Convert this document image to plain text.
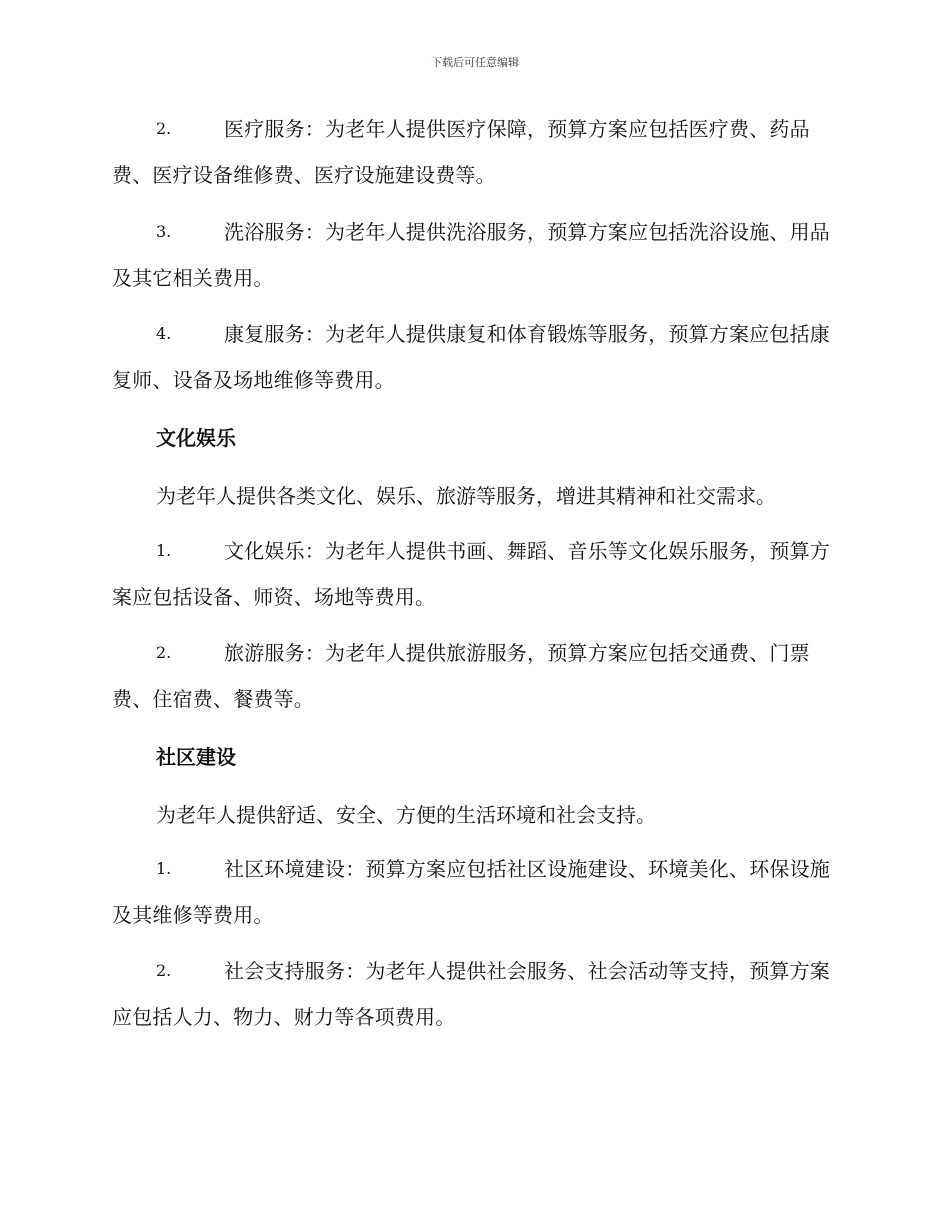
下载后可任意编辑
2.	医疗服务：为老年人提供医疗保障，预算方案应包括医疗费、药品费、医疗设备维修费、医疗设施建设费等。
3.	洗浴服务：为老年人提供洗浴服务，预算方案应包括洗浴设施、用品及其它相关费用。
4.	康复服务：为老年人提供康复和体育锻炼等服务，预算方案应包括康复师、设备及场地维修等费用。
文化娱乐

为老年人提供各类文化、娱乐、旅游等服务，增进其精神和社交需求。

1.	文化娱乐：为老年人提供书画、舞蹈、音乐等文化娱乐服务，预算方案应包括设备、师资、场地等费用。
2.	旅游服务：为老年人提供旅游服务，预算方案应包括交通费、门票费、住宿费、餐费等。
社区建设

为老年人提供舒适、安全、方便的生活环境和社会支持。

1.	社区环境建设：预算方案应包括社区设施建设、环境美化、环保设施及其维修等费用。
2.	社会支持服务：为老年人提供社会服务、社会活动等支持，预算方案应包括人力、物力、财力等各项费用。
